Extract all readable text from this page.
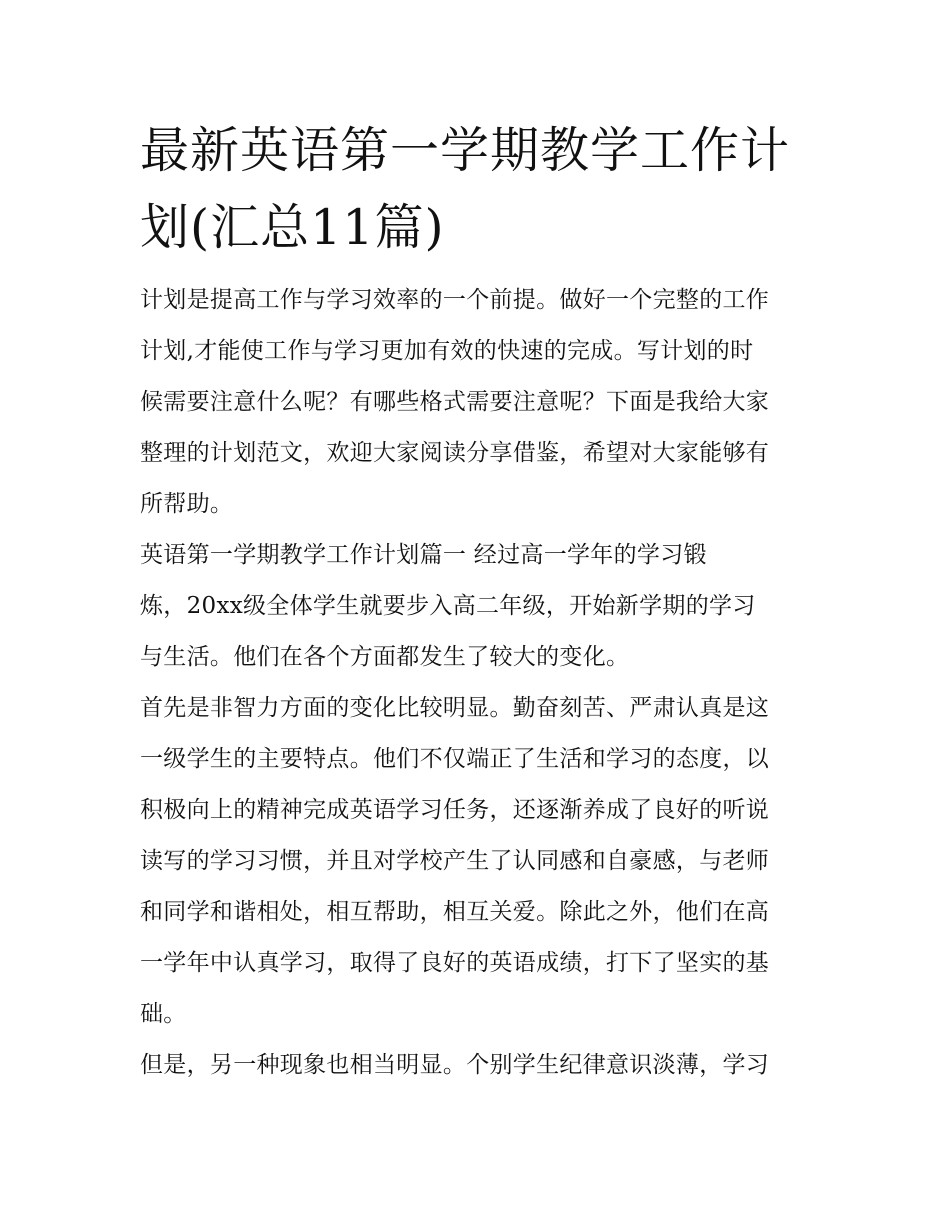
最新英语第一学期教学工作计 划(汇总11篇)

计划是提高工作与学习效率的一个前提。做好一个完整的工作
计划,才能使工作与学习更加有效的快速的完成。写计划的时
候需要注意什么呢？有哪些格式需要注意呢？下面是我给大家
整理的计划范文，欢迎大家阅读分享借鉴，希望对大家能够有
所帮助。

英语第一学期教学工作计划篇一 经过高一学年的学习锻
炼，20xx级全体学生就要步入高二年级，开始新学期的学习
与生活。他们在各个方面都发生了较大的变化。

首先是非智力方面的变化比较明显。勤奋刻苦、严肃认真是这
一级学生的主要特点。他们不仅端正了生活和学习的态度，以
积极向上的精神完成英语学习任务，还逐渐养成了良好的听说
读写的学习习惯，并且对学校产生了认同感和自豪感，与老师
和同学和谐相处，相互帮助，相互关爱。除此之外，他们在高
一学年中认真学习，取得了良好的英语成绩，打下了坚实的基
础。

但是，另一种现象也相当明显。个别学生纪律意识淡薄，学习
